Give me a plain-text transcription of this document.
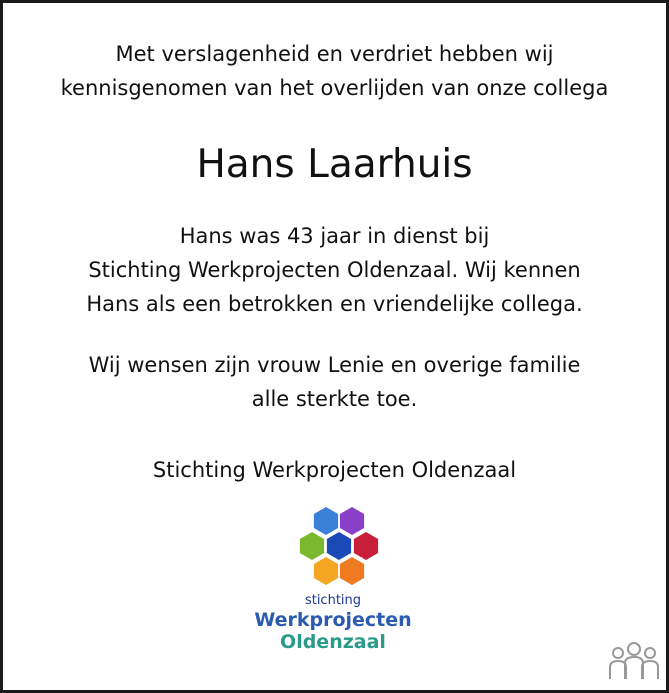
Met verslagenheid en verdriet hebben wij
kennisgenomen van het overlijden van onze collega
Hans Laarhuis
Hans was 43 jaar in dienst bij
Stichting Werkprojecten Oldenzaal. Wij kennen
Hans als een betrokken en vriendelijke collega.
Wij wensen zijn vrouw Lenie en overige familie
alle sterkte toe.
Stichting Werkprojecten Oldenzaal
stichting
Werkprojecten
Oldenzaal
